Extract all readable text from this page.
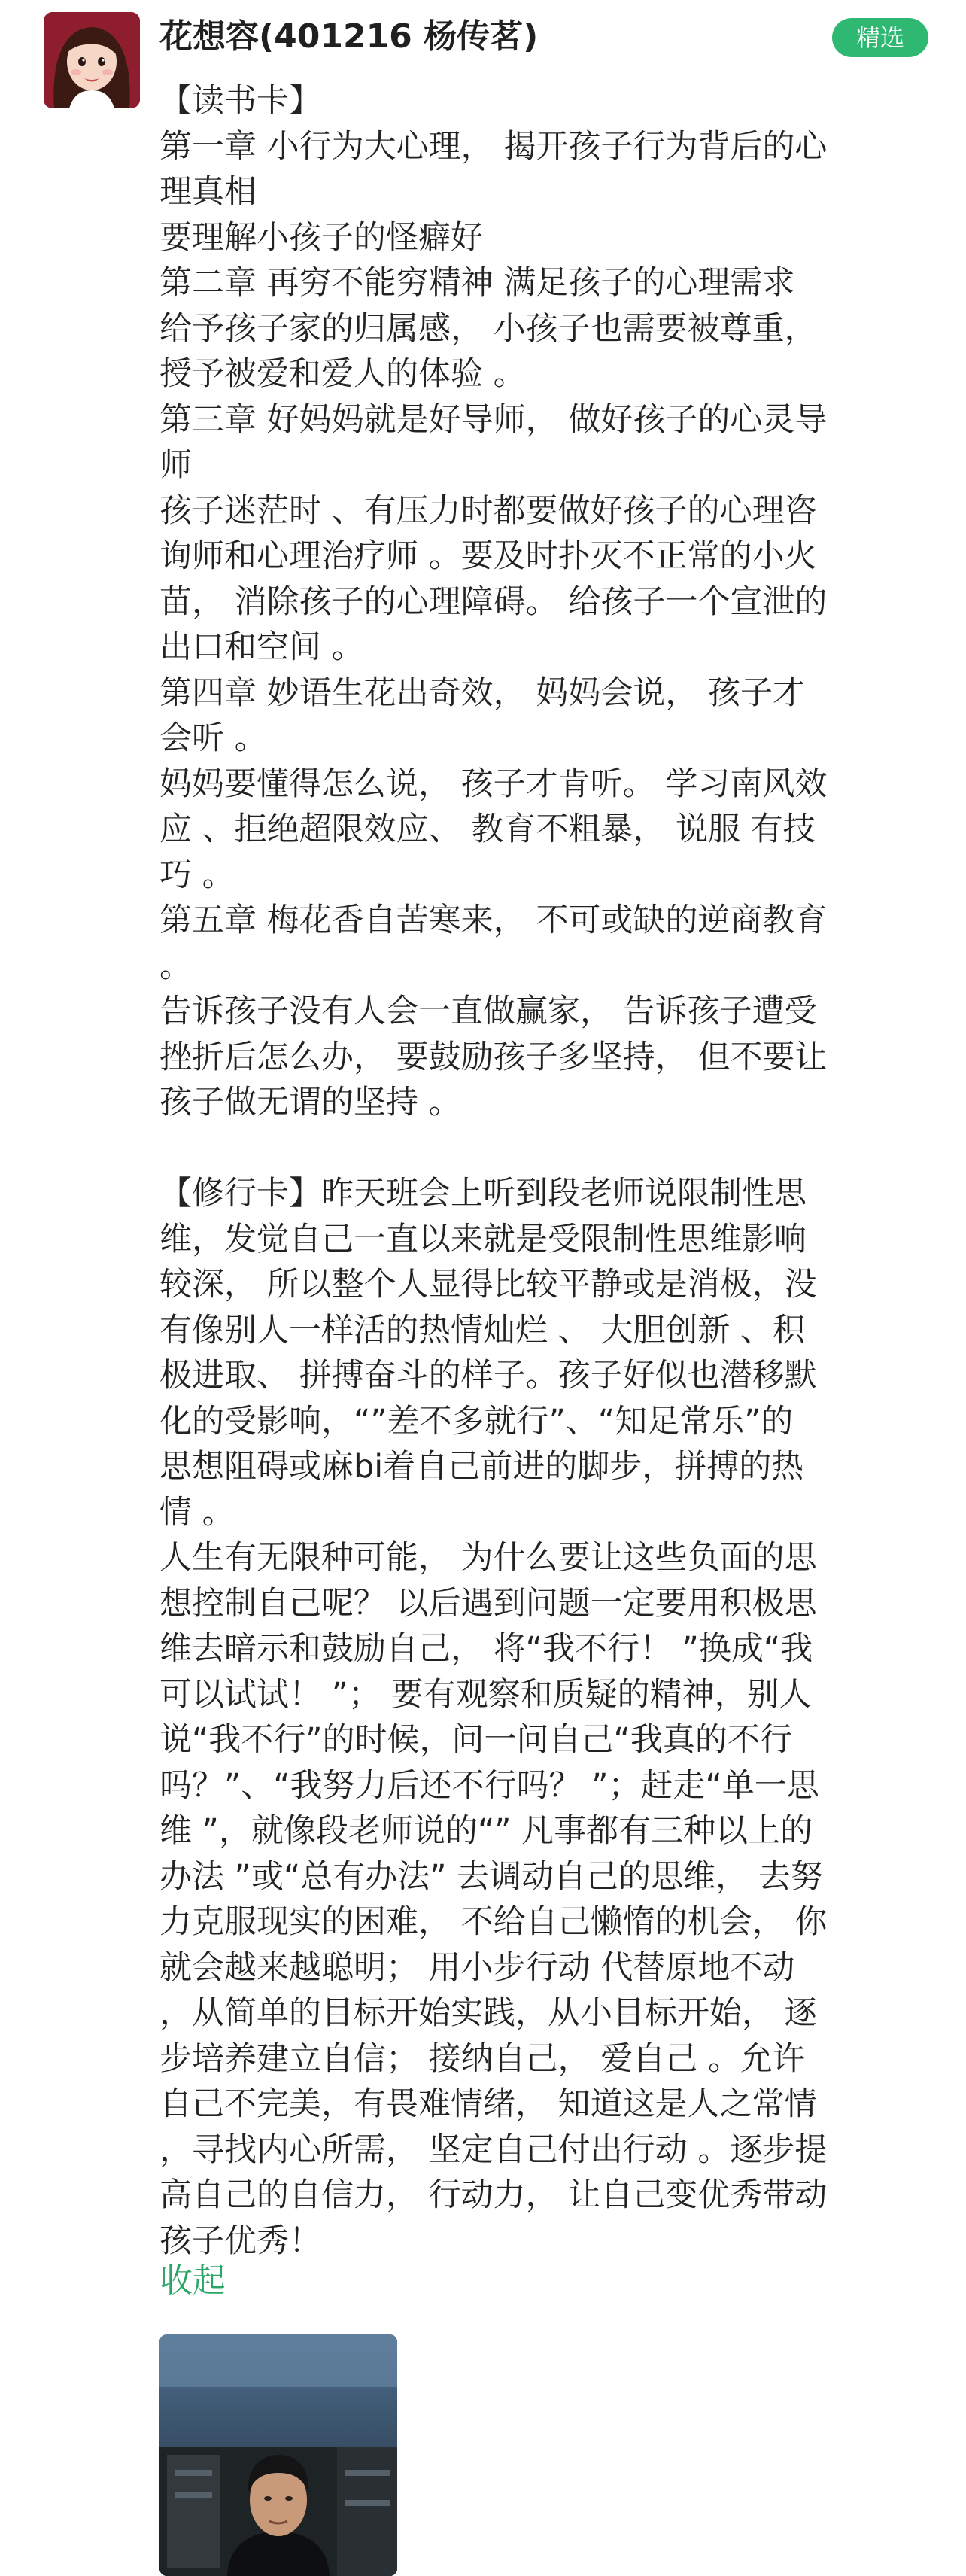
花想容(401216 杨传茗)	精选
【读书卡】
第一章 小行为大心理， 揭开孩子行为背后的心
理真相
要理解小孩子的怪癖好
第二章 再穷不能穷精神 满足孩子的心理需求
给予孩子家的归属感， 小孩子也需要被尊重，
授予被爱和爱人的体验 。
第三章 好妈妈就是好导师， 做好孩子的心灵导
师
孩子迷茫时 、有压力时都要做好孩子的心理咨
询师和心理治疗师 。要及时扑灭不正常的小火
苗， 消除孩子的心理障碍。 给孩子一个宣泄的
出口和空间 。
第四章 妙语生花出奇效， 妈妈会说， 孩子才
会听 。
妈妈要懂得怎么说， 孩子才肯听。 学习南风效
应 、拒绝超限效应、 教育不粗暴， 说服 有技
巧 。
第五章 梅花香自苦寒来， 不可或缺的逆商教育
。
告诉孩子没有人会一直做赢家， 告诉孩子遭受
挫折后怎么办， 要鼓励孩子多坚持， 但不要让
孩子做无谓的坚持 。
【修行卡】昨天班会上听到段老师说限制性思
维，发觉自己一直以来就是受限制性思维影响
较深， 所以整个人显得比较平静或是消极，没
有像别人一样活的热情灿烂 、 大胆创新 、积
极进取、 拼搏奋斗的样子。孩子好似也潜移默
化的受影响，“”差不多就行”、“知足常乐”的
思想阻碍或麻bi着自己前进的脚步，拼搏的热
情 。
人生有无限种可能， 为什么要让这些负面的思
想控制自己呢？ 以后遇到问题一定要用积极思
维去暗示和鼓励自己， 将“我不行！ ”换成“我
可以试试！ ”； 要有观察和质疑的精神，别人
说“我不行”的时候，问一问自己“我真的不行
吗？”、“我努力后还不行吗？ ”；赶走“单一思
维 ”，就像段老师说的“” 凡事都有三种以上的
办法 ”或“总有办法” 去调动自己的思维， 去努
力克服现实的困难， 不给自己懒惰的机会， 你
就会越来越聪明； 用小步行动 代替原地不动
，从简单的目标开始实践，从小目标开始， 逐
步培养建立自信； 接纳自己， 爱自己 。允许
自己不完美，有畏难情绪， 知道这是人之常情
，寻找内心所需， 坚定自己付出行动 。逐步提
高自己的自信力， 行动力， 让自己变优秀带动
孩子优秀！
收起
